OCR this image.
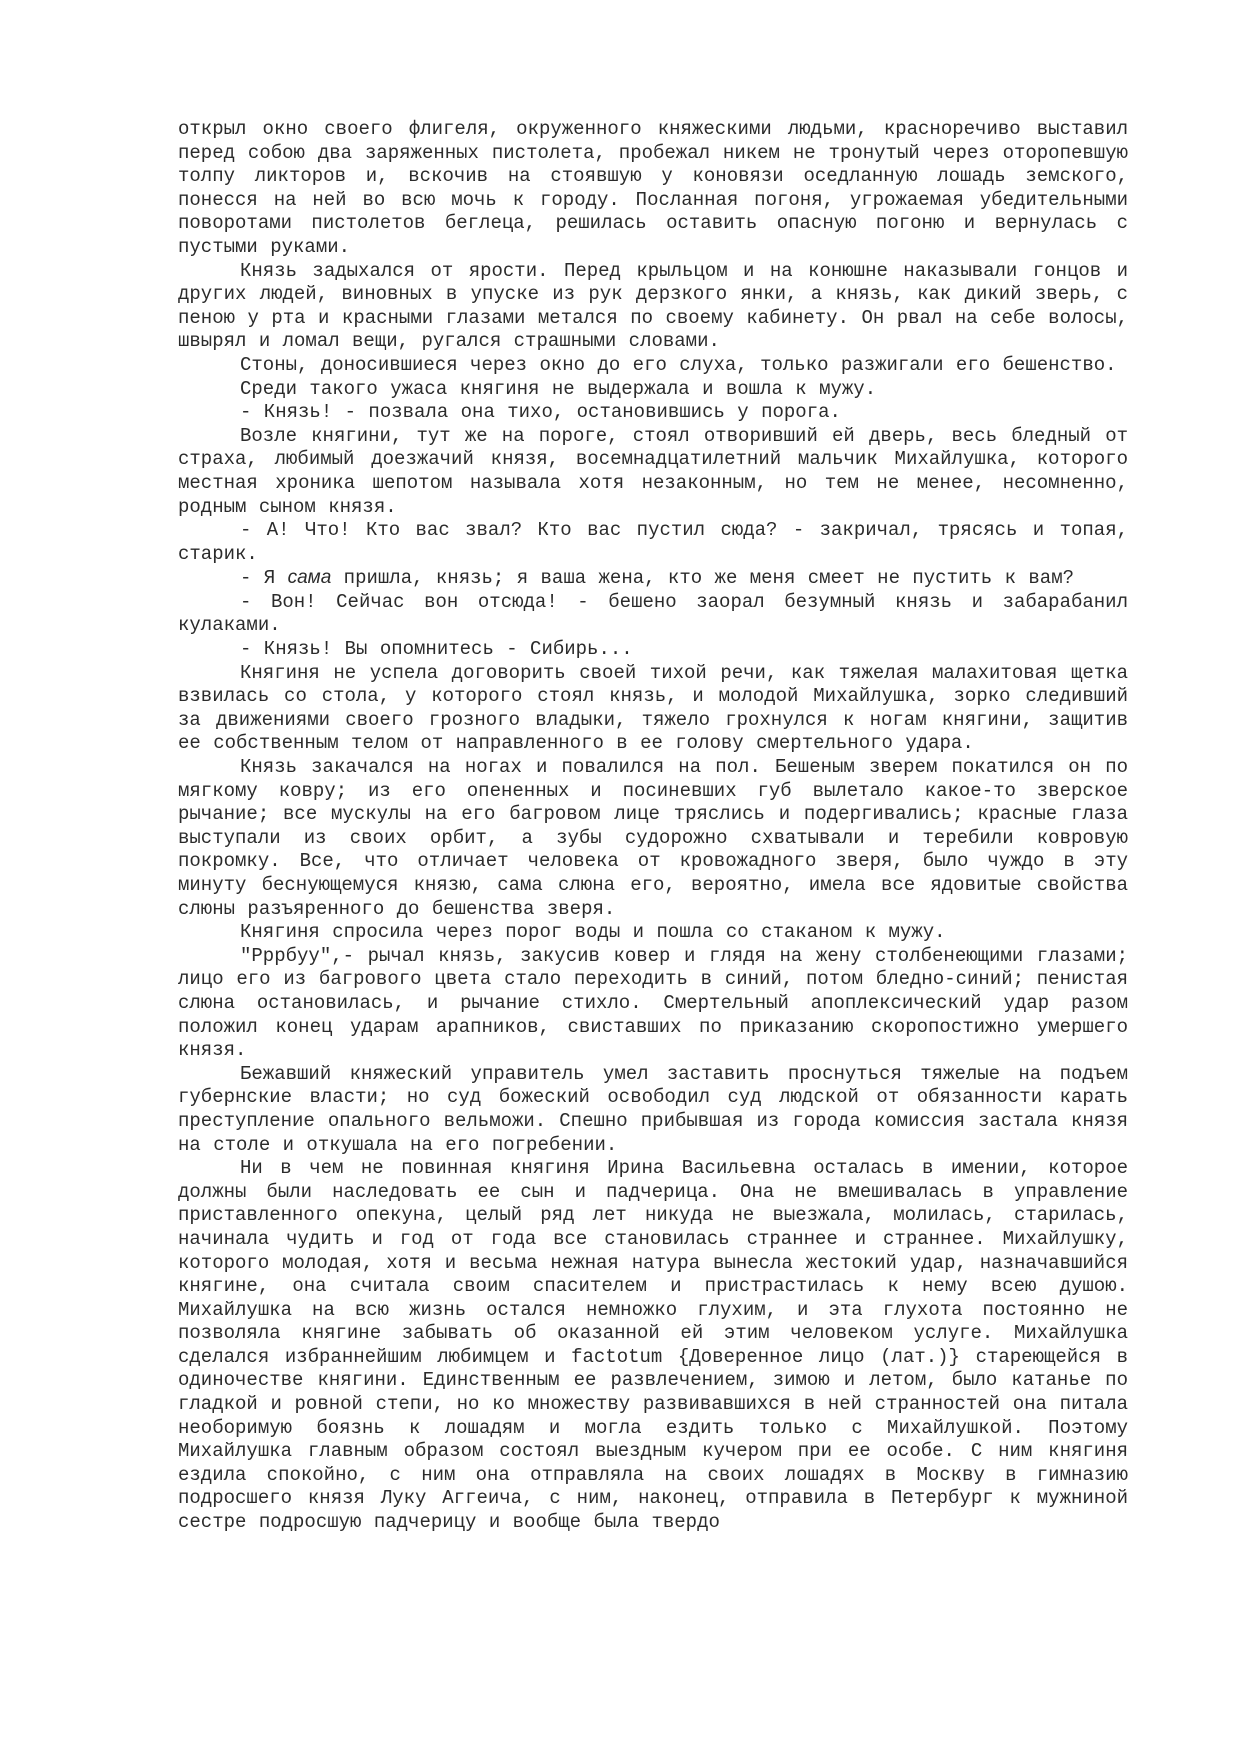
открыл окно своего флигеля, окруженного княжескими людьми, красноречиво выставил перед собою два заряженных пистолета, пробежал никем не тронутый через оторопевшую толпу ликторов и, вскочив на стоявшую у коновязи оседланную лошадь земского, понесся на ней во всю мочь к городу. Посланная погоня, угрожаемая убедительными поворотами пистолетов беглеца, решилась оставить опасную погоню и вернулась с пустыми руками.

Князь задыхался от ярости. Перед крыльцом и на конюшне наказывали гонцов и других людей, виновных в упуске из рук дерзкого янки, а князь, как дикий зверь, с пеною у рта и красными глазами метался по своему кабинету. Он рвал на себе волосы, швырял и ломал вещи, ругался страшными словами.

Стоны, доносившиеся через окно до его слуха, только разжигали его бешенство.

Среди такого ужаса княгиня не выдержала и вошла к мужу.

- Князь! - позвала она тихо, остановившись у порога.

Возле княгини, тут же на пороге, стоял отворивший ей дверь, весь бледный от страха, любимый доезжачий князя, восемнадцатилетний мальчик Михайлушка, которого местная хроника шепотом называла хотя незаконным, но тем не менее, несомненно, родным сыном князя.

- А! Что! Кто вас звал? Кто вас пустил сюда? - закричал, трясясь и топая, старик.

- Я сама пришла, князь; я ваша жена, кто же меня смеет не пустить к вам?

- Вон! Сейчас вон отсюда! - бешено заорал безумный князь и забарабанил кулаками.

- Князь! Вы опомнитесь - Сибирь...

Княгиня не успела договорить своей тихой речи, как тяжелая малахитовая щетка взвилась со стола, у которого стоял князь, и молодой Михайлушка, зорко следивший за движениями своего грозного владыки, тяжело грохнулся к ногам княгини, защитив ее собственным телом от направленного в ее голову смертельного удара.

Князь закачался на ногах и повалился на пол. Бешеным зверем покатился он по мягкому ковру; из его опененных и посиневших губ вылетало какое-то зверское рычание; все мускулы на его багровом лице тряслись и подергивались; красные глаза выступали из своих орбит, а зубы судорожно схватывали и теребили ковровую покромку. Все, что отличает человека от кровожадного зверя, было чуждо в эту минуту беснующемуся князю, сама слюна его, вероятно, имела все ядовитые свойства слюны разъяренного до бешенства зверя.

Княгиня спросила через порог воды и пошла со стаканом к мужу.

"Рррбуу",- рычал князь, закусив ковер и глядя на жену столбенеющими глазами; лицо его из багрового цвета стало переходить в синий, потом бледно-синий; пенистая слюна остановилась, и рычание стихло. Смертельный апоплексический удар разом положил конец ударам арапников, свиставших по приказанию скоропостижно умершего князя.

Бежавший княжеский управитель умел заставить проснуться тяжелые на подъем губернские власти; но суд божеский освободил суд людской от обязанности карать преступление опального вельможи. Спешно прибывшая из города комиссия застала князя на столе и откушала на его погребении.

Ни в чем не повинная княгиня Ирина Васильевна осталась в имении, которое должны были наследовать ее сын и падчерица. Она не вмешивалась в управление приставленного опекуна, целый ряд лет никуда не выезжала, молилась, старилась, начинала чудить и год от года все становилась страннее и страннее. Михайлушку, которого молодая, хотя и весьма нежная натура вынесла жестокий удар, назначавшийся княгине, она считала своим спасителем и пристрастилась к нему всею душою. Михайлушка на всю жизнь остался немножко глухим, и эта глухота постоянно не позволяла княгине забывать об оказанной ей этим человеком услуге. Михайлушка сделался избраннейшим любимцем и factotum {Доверенное лицо (лат.)} стареющейся в одиночестве княгини. Единственным ее развлечением, зимою и летом, было катанье по гладкой и ровной степи, но ко множеству развивавшихся в ней странностей она питала необоримую боязнь к лошадям и могла ездить только с Михайлушкой. Поэтому Михайлушка главным образом состоял выездным кучером при ее особе. С ним княгиня ездила спокойно, с ним она отправляла на своих лошадях в Москву в гимназию подросшего князя Луку Аггеича, с ним, наконец, отправила в Петербург к мужниной сестре подросшую падчерицу и вообще была твердо
